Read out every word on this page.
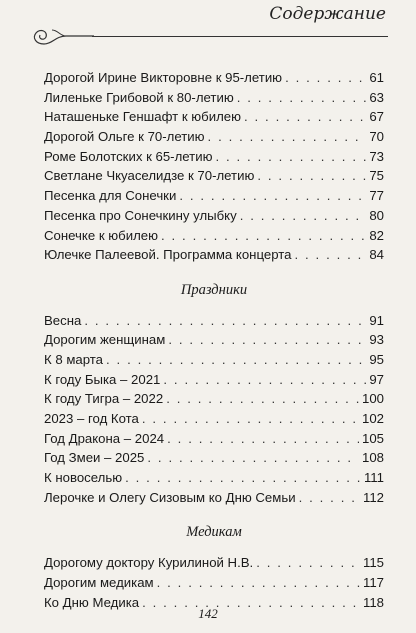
Содержание
Дорогой Ирине Викторовне к 95-летию . . .	61
Лиленьке Грибовой к 80-летию . . .	63
Наташеньке Геншафт к юбилею . . .	67
Дорогой Ольге к 70-летию . . .	70
Роме Болотских к 65-летию . . .	73
Светлане Чкуаселидзе к 70-летию . . .	75
Песенка для Сонечки . . .	77
Песенка про Сонечкину улыбку . . .	80
Сонечке к юбилею . . .	82
Юлечке Палеевой. Программа концерта . . .	84
Праздники
Весна . . .	91
Дорогим женщинам . . .	93
К 8 марта . . .	95
К году Быка – 2021 . . .	97
К году Тигра – 2022 . . .	100
2023 – год Кота . . .	102
Год Дракона – 2024 . . .	105
Год Змеи – 2025 . . .	108
К новоселью . . .	111
Лерочке и Олегу Сизовым ко Дню Семьи . . .	112
Медикам
Дорогому доктору Курилиной Н.В. . . .	115
Дорогим медикам . . .	117
Ко Дню Медика . . .	118
142
